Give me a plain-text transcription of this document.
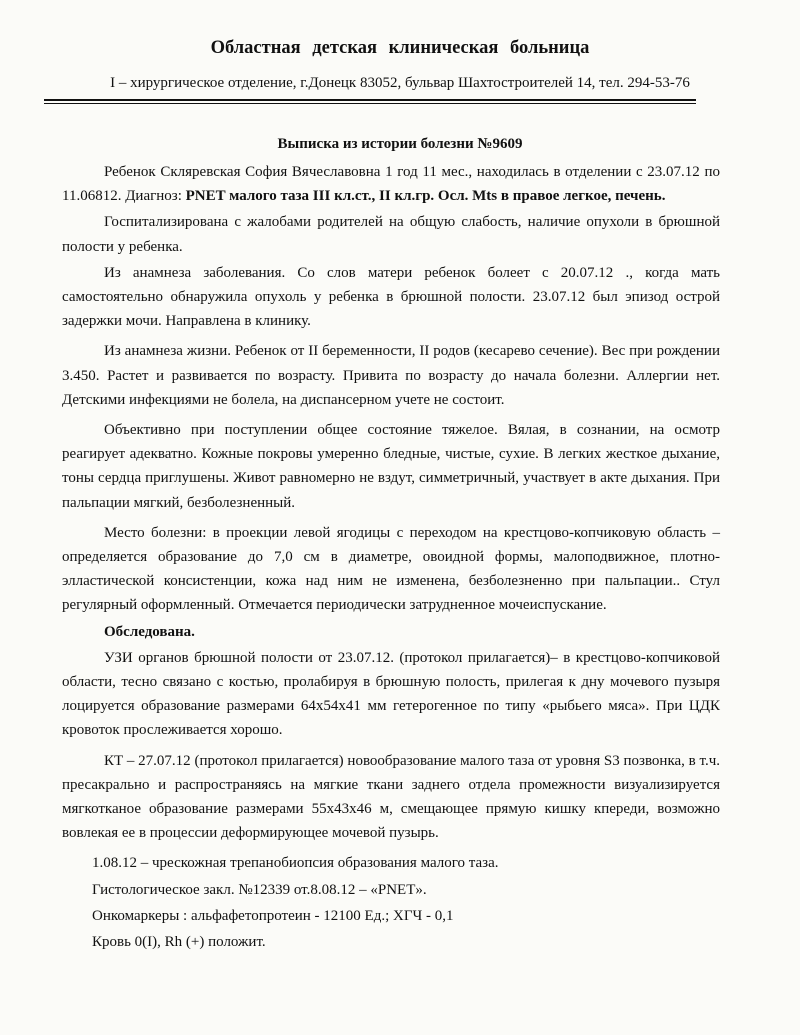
Областная детская клиническая больница
I – хирургическое отделение, г.Донецк 83052, бульвар Шахтостроителей 14, тел. 294-53-76
Выписка из истории болезни №9609

Ребенок Скляревская София Вячеславовна 1 год 11 мес., находилась в отделении с 23.07.12 по 11.06812. Диагноз: PNET малого таза III кл.ст., II кл.гр. Осл. Mts в правое легкое, печень.

Госпитализирована с жалобами родителей на общую слабость, наличие опухоли в брюшной полости у ребенка.

Из анамнеза заболевания. Со слов матери ребенок болеет с 20.07.12 ., когда мать самостоятельно обнаружила опухоль у ребенка в брюшной полости. 23.07.12 был эпизод острой задержки мочи. Направлена в клинику.

Из анамнеза жизни. Ребенок от II беременности, II родов (кесарево сечение). Вес при рождении 3.450. Растет и развивается по возрасту. Привита по возрасту до начала болезни. Аллергии нет. Детскими инфекциями не болела, на диспансерном учете не состоит.

Объективно при поступлении общее состояние тяжелое. Вялая, в сознании, на осмотр реагирует адекватно. Кожные покровы умеренно бледные, чистые, сухие. В легких жесткое дыхание, тоны сердца приглушены. Живот равномерно не вздут, симметричный, участвует в акте дыхания. При пальпации мягкий, безболезненный.

Место болезни: в проекции левой ягодицы с переходом на крестцово-копчиковую область – определяется образование до 7,0 см в диаметре, овоидной формы, малоподвижное, плотно-эллacтической консистенции, кожа над ним не изменена, безболезненно при пальпации.. Стул регулярный оформленный. Отмечается периодически затрудненное мочеиспускание.

Обследована.

УЗИ органов брюшной полости от 23.07.12. (протокол прилагается)– в крестцово-копчиковой области, тесно связано с костью, пролабируя в брюшную полость, прилегая к дну мочевого пузыря лоцируется образование размерами 64х54х41 мм гетерогенное по типу «рыбьего мяса». При ЦДК кровоток прослеживается хорошо.

КТ – 27.07.12 (протокол прилагается) новообразование малого таза от уровня S3 позвонка, в т.ч. пресакрально и распространяясь на мягкие ткани заднего отдела промежности визуализируется мягкотканое образование размерами 55х43х46 м, смещающее прямую кишку кпереди, возможно вовлекая ее в процессии деформирующее мочевой пузырь.

1.08.12 – чрескожная трепанобиопсия образования малого таза.

Гистологическое закл. №12339 от.8.08.12 – «PNET».

Онкомаркеры : альфафетопротеин - 12100 Ед.; ХГЧ - 0,1

Кровь 0(I), Rh (+) положит.
